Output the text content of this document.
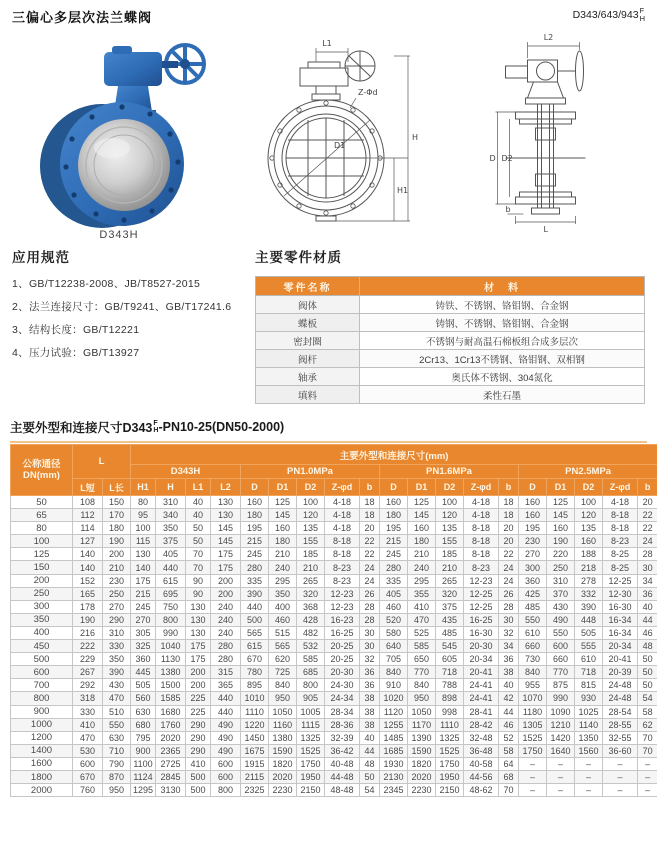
三偏心多层次法兰蝶阀	D343/643/943 F
H
D343H
L1
Z-Φd
H
H1
D1
L2
D D2
b
L
应用规范
1、GB/T12238-2008、JB/T8527-2015
2、法兰连接尺寸：GB/T9241、GB/T17241.6
3、结构长度：GB/T12221
4、压力试验：GB/T13927
主要零件材质
零件名称	材　料
阀体	铸铁、不锈钢、铬钼钢、合金钢
蝶板	铸钢、不锈钢、铬钼钢、合金钢
密封圈	不锈钢与耐高温石棉板组合成多层次
阀杆	2Cr13、1Cr13不锈钢、铬钼钢、双相钢
轴承	奥氏体不锈钢、304氮化
填料	柔性石墨
主要外型和连接尺寸D343 F
H -PN10-25(DN50-2000)
公称通径
DN(mm)	L		主要外型和连接尺寸(mm)																		
			D343H				PN1.0MPa					PN1.6MPa					PN2.5MPa				
	L短	L长	H1	H	L1	L2	D	D1	D2	Z-φd	b	D	D1	D2	Z-φd	b	D	D1	D2	Z-φd	b
50	108	150	80	310	40	130	160	125	100	4-18	18	160	125	100	4-18	18	160	125	100	4-18	20
65	112	170	95	340	40	130	180	145	120	4-18	18	180	145	120	4-18	18	160	145	120	8-18	22
80	114	180	100	350	50	145	195	160	135	4-18	20	195	160	135	8-18	20	195	160	135	8-18	22
100	127	190	115	375	50	145	215	180	155	8-18	22	215	180	155	8-18	20	230	190	160	8-23	24
125	140	200	130	405	70	175	245	210	185	8-18	22	245	210	185	8-18	22	270	220	188	8-25	28
150	140	210	140	440	70	175	280	240	210	8-23	24	280	240	210	8-23	24	300	250	218	8-25	30
200	152	230	175	615	90	200	335	295	265	8-23	24	335	295	265	12-23	24	360	310	278	12-25	34
250	165	250	215	695	90	200	390	350	320	12-23	26	405	355	320	12-25	26	425	370	332	12-30	36
300	178	270	245	750	130	240	440	400	368	12-23	28	460	410	375	12-25	28	485	430	390	16-30	40
350	190	290	270	800	130	240	500	460	428	16-23	28	520	470	435	16-25	30	550	490	448	16-34	44
400	216	310	305	990	130	240	565	515	482	16-25	30	580	525	485	16-30	32	610	550	505	16-34	46
450	222	330	325	1040	175	280	615	565	532	20-25	30	640	585	545	20-30	34	660	600	555	20-34	48
500	229	350	360	1130	175	280	670	620	585	20-25	32	705	650	605	20-34	36	730	660	610	20-41	50
600	267	390	445	1380	200	315	780	725	685	20-30	36	840	770	718	20-41	38	840	770	718	20-39	50
700	292	430	505	1500	200	365	895	840	800	24-30	36	910	840	788	24-41	40	955	875	815	24-48	50
800	318	470	560	1585	225	440	1010	950	905	24-34	38	1020	950	898	24-41	42	1070	990	930	24-48	54
900	330	510	630	1680	225	440	1110	1050	1005	28-34	38	1120	1050	998	28-41	44	1180	1090	1025	28-54	58
1000	410	550	680	1760	290	490	1220	1160	1115	28-36	38	1255	1170	1110	28-42	46	1305	1210	1140	28-55	62
1200	470	630	795	2020	290	490	1450	1380	1325	32-39	40	1485	1390	1325	32-48	52	1525	1420	1350	32-55	70
1400	530	710	900	2365	290	490	1675	1590	1525	36-42	44	1685	1590	1525	36-48	58	1750	1640	1560	36-60	70
1600	600	790	1100	2725	410	600	1915	1820	1750	40-48	48	1930	1820	1750	40-58	64	–	–	–	–	–
1800	670	870	1124	2845	500	600	2115	2020	1950	44-48	50	2130	2020	1950	44-56	68	–	–	–	–	–
2000	760	950	1295	3130	500	800	2325	2230	2150	48-48	54	2345	2230	2150	48-62	70	–	–	–	–	–
